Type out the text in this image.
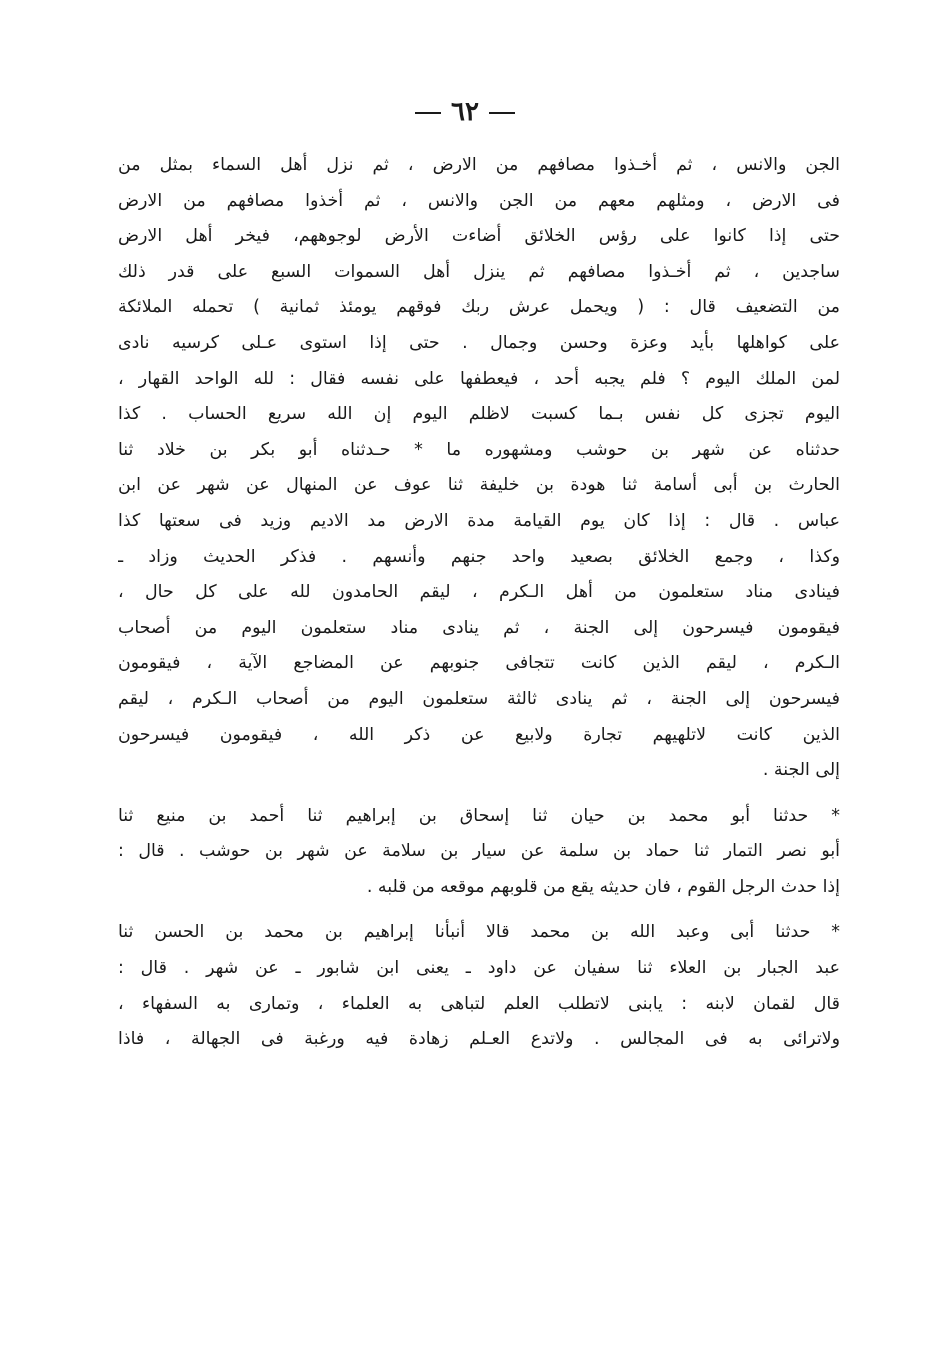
٦٢
الجن والانس ، ثم أخـذوا مصافهم من الارض ، ثم نزل أهل السماء بمثل من
فى الارض ، ومثلهم معهم من الجن والانس ، ثم أخذوا مصافهم من الارض
حتى إذا كانوا على رؤس الخلائق أضاءت الأرض لوجوههم، فيخر أهل الارض
ساجدين ، ثم أخـذوا مصافهم ثم ينزل أهل السموات السبع على قدر ذلك
من التضعيف قال : ( ويحمل عرش ربك فوقهم يومئذ ثمانية ) تحمله الملائكة
على كواهلها بأيد وعزة وحسن وجمال . حتى إذا استوى عـلى كرسيه نادى
لمن الملك اليوم ؟ فلم يجبه أحد ، فيعطفها على نفسه فقال : لله الواحد القهار ،
اليوم تجزى كل نفس بـما كسبت لاظلم اليوم إن الله سريع الحساب . كذا
حدثناه عن شهر بن حوشب ومشهوره ما * حـدثناه أبو بكر بن خلاد ثنا
الحارث بن أبى أسامة ثنا هودة بن خليفة ثنا عوف عن المنهال عن شهر عن ابن
عباس . قال : إذا كان يوم القيامة مدة الارض مد الاديم وزيد فى سعتها كذا
وكذا ، وجمع الخلائق بصعيد واحد جنهم وأنسهم . فذكر الحديث وزاد ـ
فينادى مناد ستعلمون من أهل الـكرم ، ليقم الحامدون لله على كل حال ،
فيقومون فيسرحون إلى الجنة ، ثم ينادى مناد ستعلمون اليوم من أصحاب
الـكرم ، ليقم الذين كانت تتجافى جنوبهم عن المضاجع الآية ، فيقومون
فيسرحون إلى الجنة ، ثم ينادى ثالثة ستعلمون اليوم من أصحاب الـكرم ، ليقم
الذين كانت لاتلهيهم تجارة ولابيع عن ذكر الله ، فيقومون فيسرحون
إلى الجنة .
* حدثنا أبو محمد بن حيان ثنا إسحاق بن إبراهيم ثنا أحمد بن منيع ثنا
أبو نصر التمار ثنا حماد بن سلمة عن سيار بن سلامة عن شهر بن حوشب . قال :
إذا حدث الرجل القوم ، فان حديثه يقع من قلوبهم موقعه من قلبه .
* حدثنا أبى وعبد الله بن محمد قالا أنبأنا إبراهيم بن محمد بن الحسن ثنا
عبد الجبار بن العلاء ثنا سفيان عن داود ـ يعنى ابن شابور ـ عن شهر . قال :
قال لقمان لابنه : يابنى لاتطلب العلم لتباهى به العلماء ، وتمارى به السفهاء ،
ولاترائى به فى المجالس . ولاتدع العـلم زهادة فيه ورغبة فى الجهالة ، فاذا
